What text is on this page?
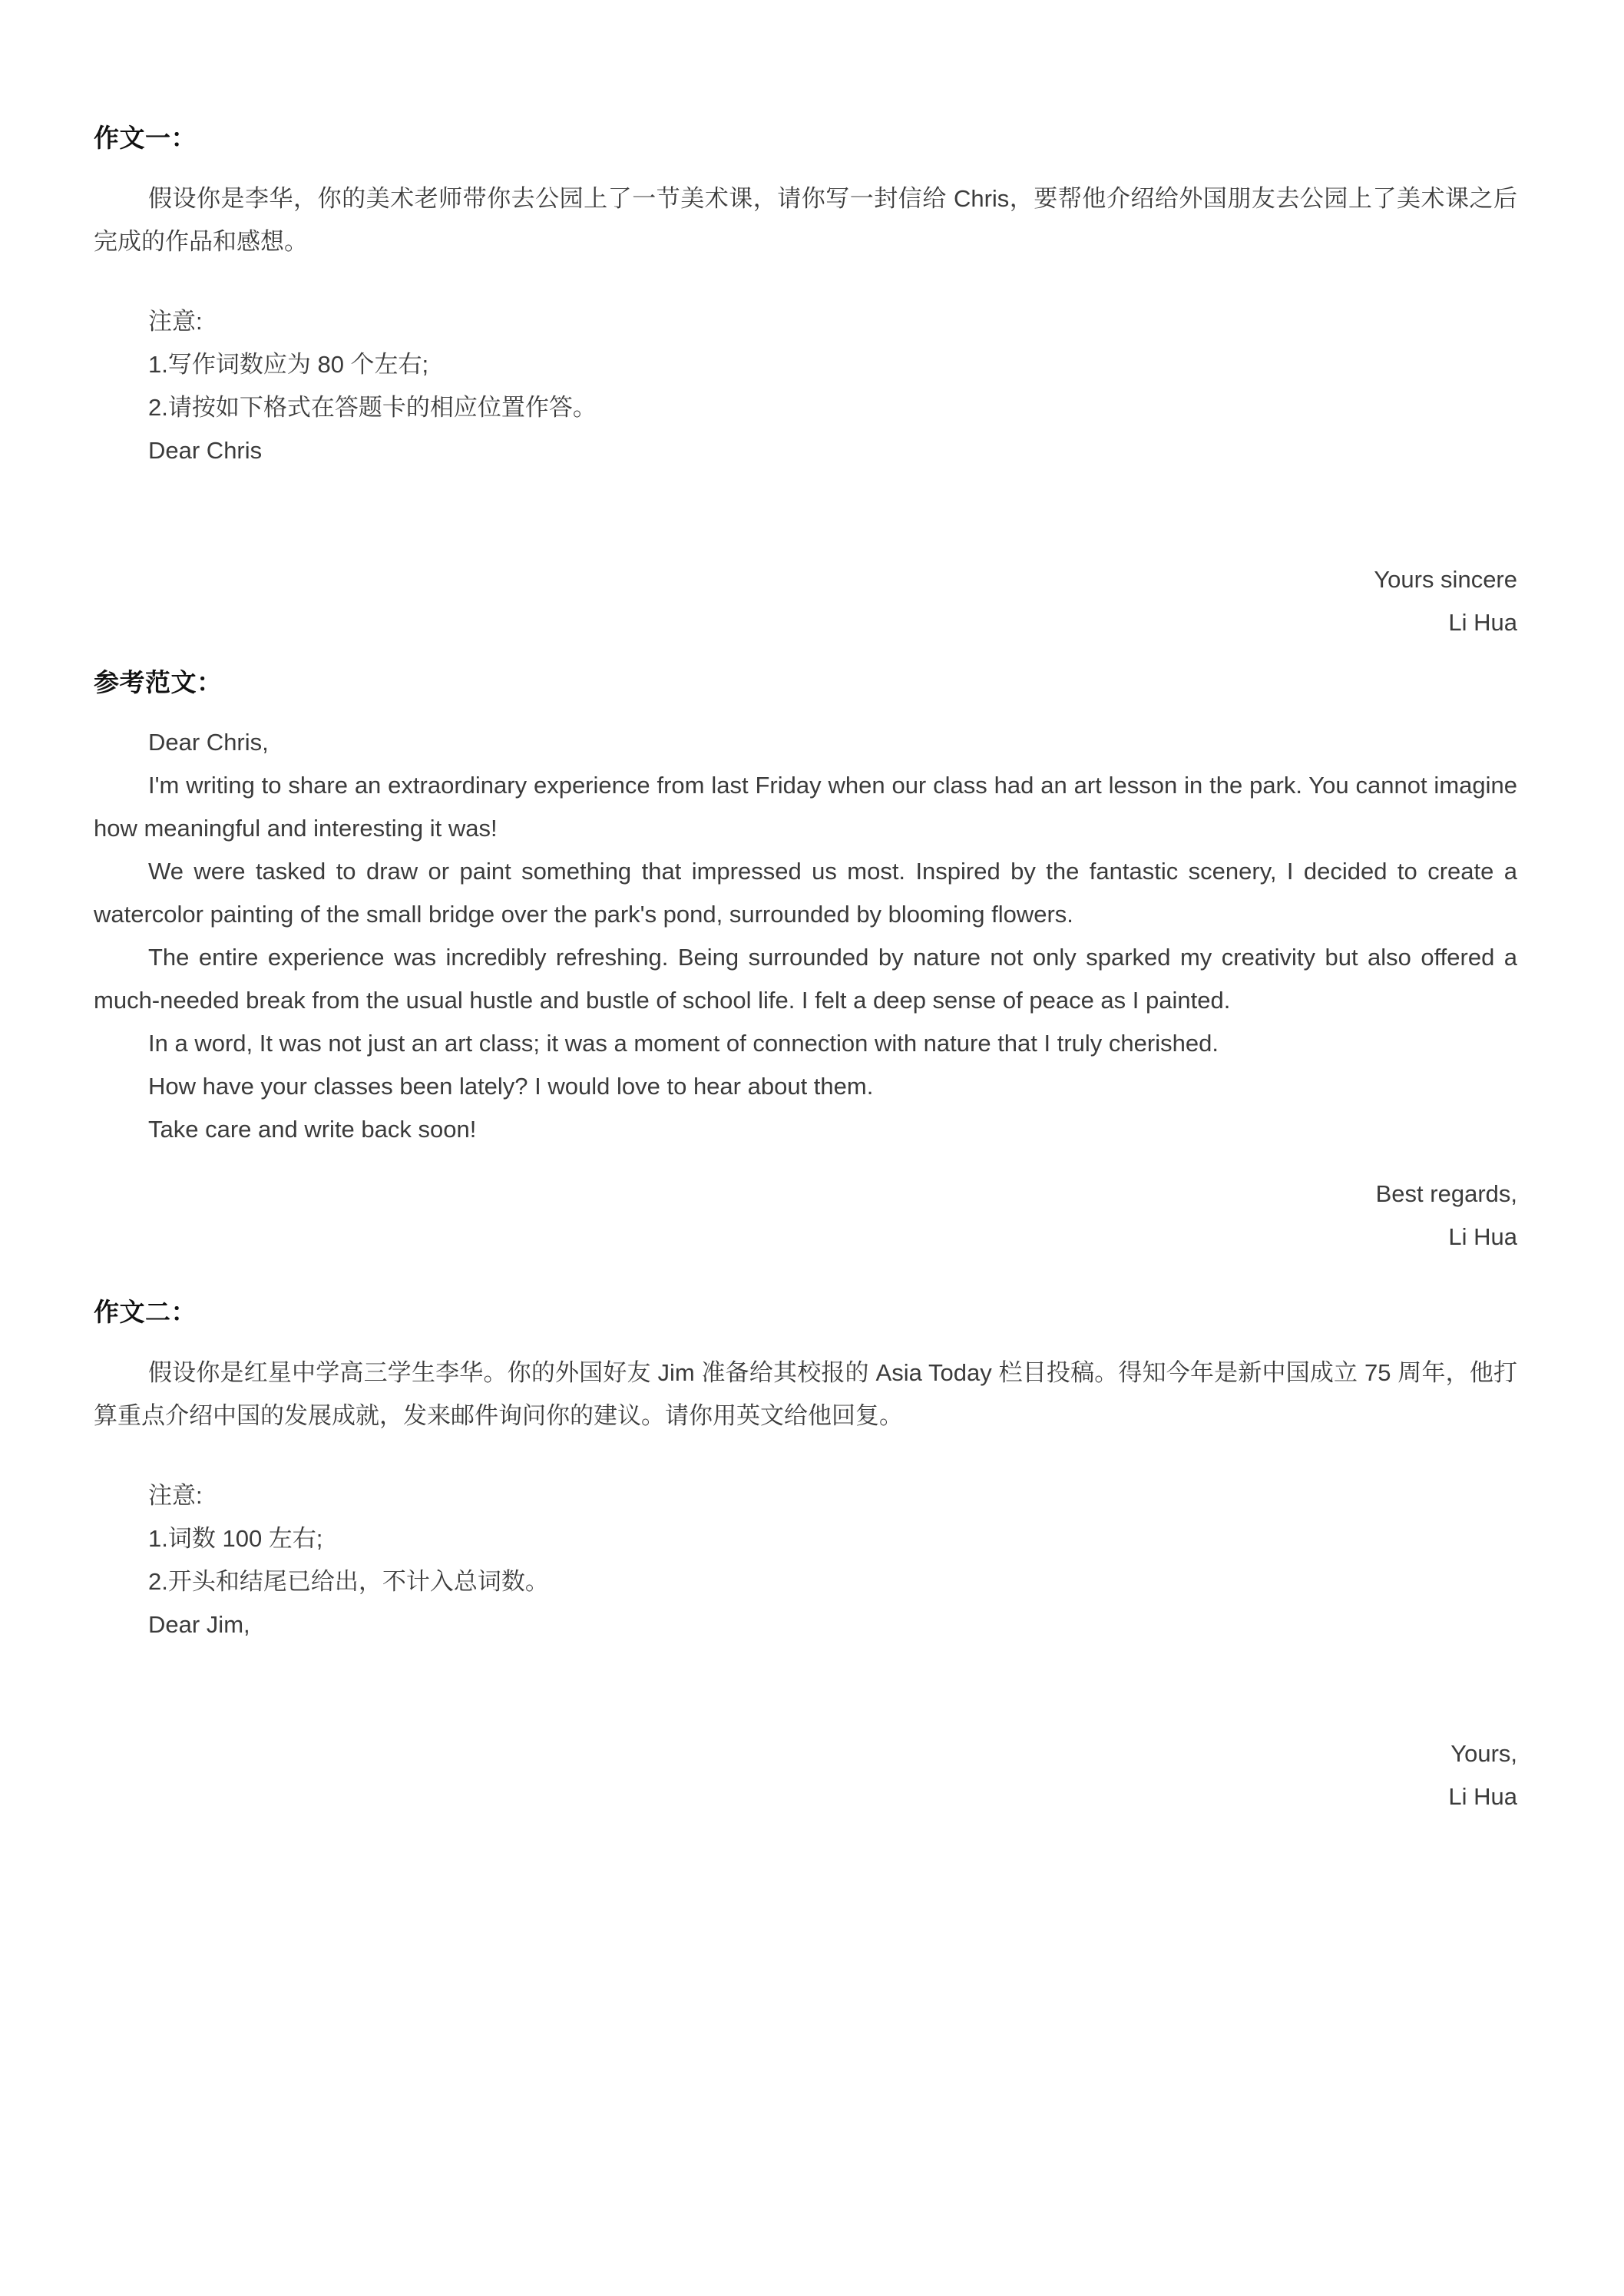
作文一：

假设你是李华，你的美术老师带你去公园上了一节美术课，请你写一封信给 Chris，要帮他介绍给外国朋友去公园上了美术课之后完成的作品和感想。

注意:

1.写作词数应为 80 个左右;

2.请按如下格式在答题卡的相应位置作答。

Dear Chris

Yours sincere

Li Hua

参考范文：

Dear Chris,

I'm writing to share an extraordinary experience from last Friday when our class had an art lesson in the park. You cannot imagine how meaningful and interesting it was!

We were tasked to draw or paint something that impressed us most. Inspired by the fantastic scenery, I decided to create a watercolor painting of the small bridge over the park's pond, surrounded by blooming flowers.

The entire experience was incredibly refreshing. Being surrounded by nature not only sparked my creativity but also offered a much-needed break from the usual hustle and bustle of school life. I felt a deep sense of peace as I painted.

In a word, It was not just an art class; it was a moment of connection with nature that I truly cherished.

How have your classes been lately? I would love to hear about them.

Take care and write back soon!

Best regards,

Li Hua

作文二：

假设你是红星中学高三学生李华。你的外国好友 Jim 准备给其校报的 Asia Today 栏目投稿。得知今年是新中国成立 75 周年，他打算重点介绍中国的发展成就，发来邮件询问你的建议。请你用英文给他回复。

注意:

1.词数 100 左右;

2.开头和结尾已给出，不计入总词数。

Dear Jim,

Yours,

Li Hua
